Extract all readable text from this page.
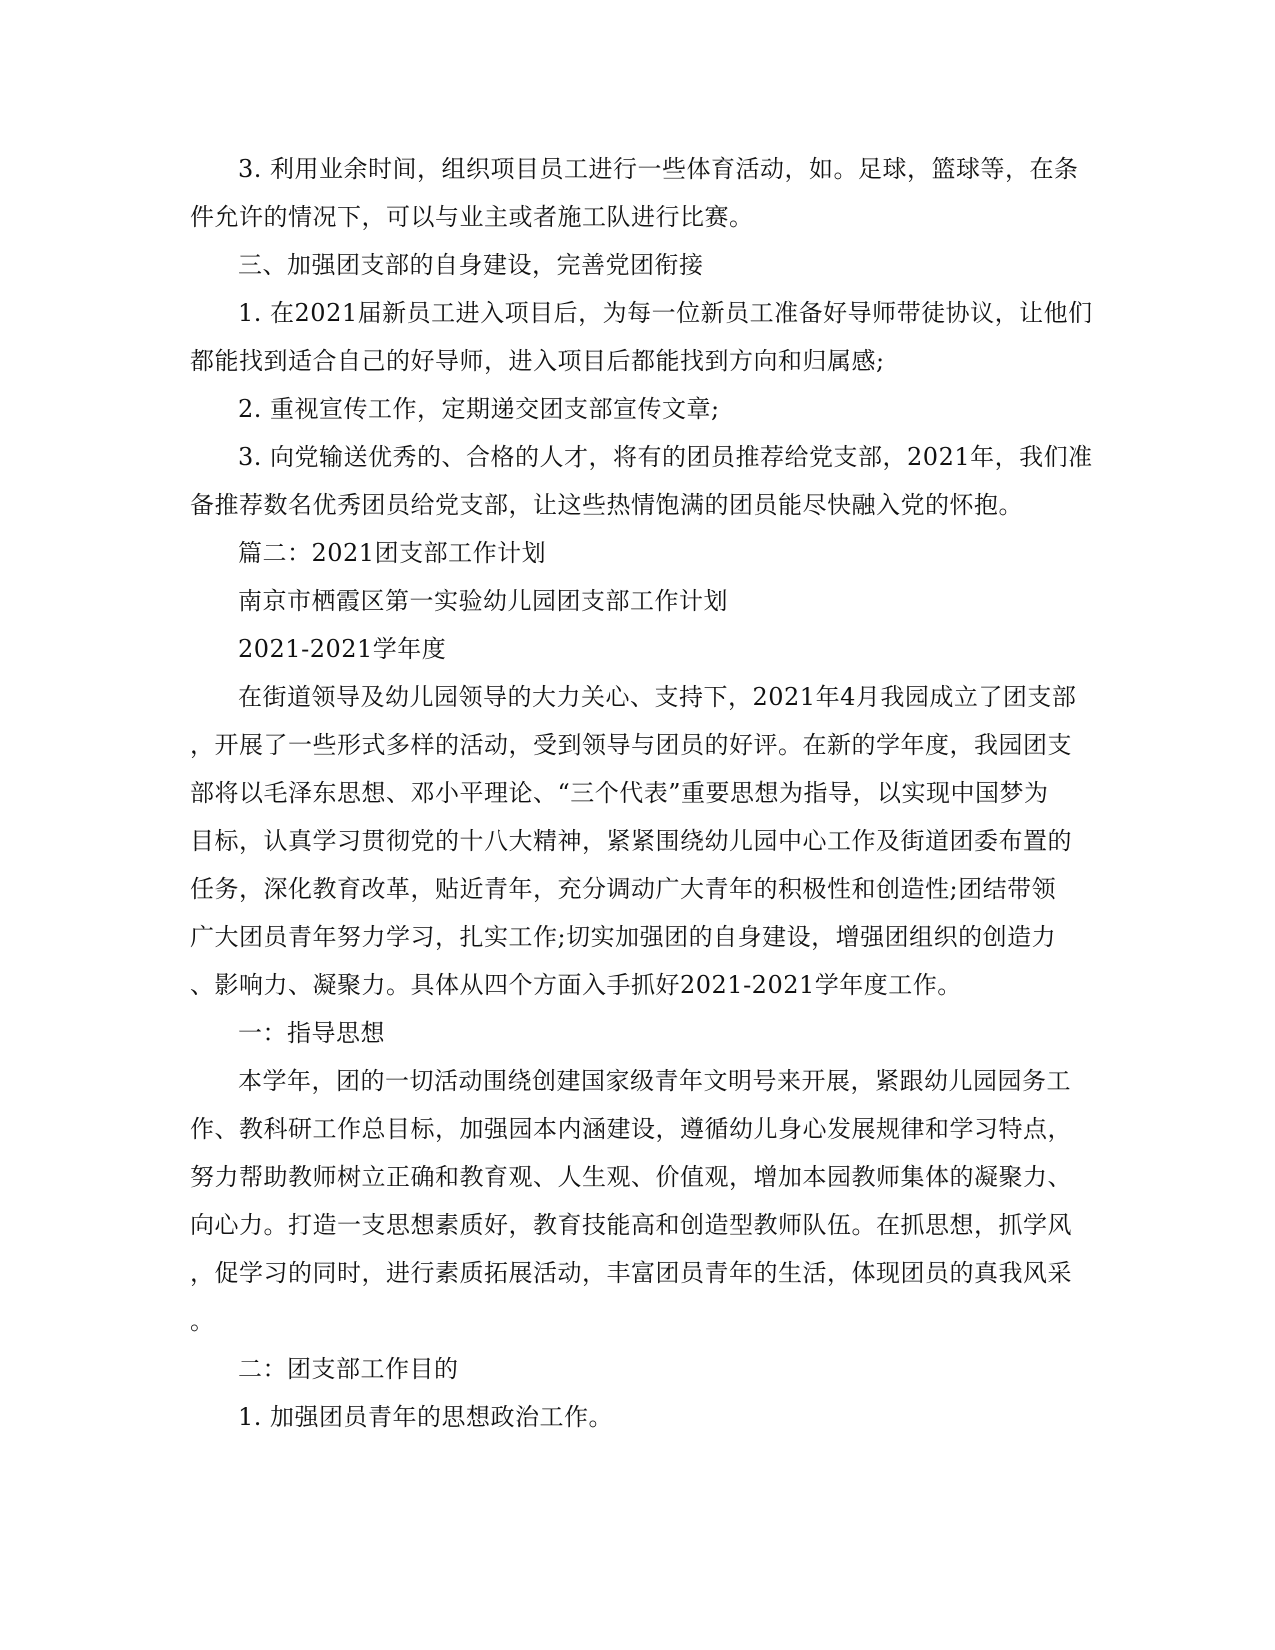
3. 利用业余时间，组织项目员工进行一些体育活动，如。足球，篮球等，在条
件允许的情况下，可以与业主或者施工队进行比赛。
三、加强团支部的自身建设，完善党团衔接
1. 在2021届新员工进入项目后，为每一位新员工准备好导师带徒协议，让他们
都能找到适合自己的好导师，进入项目后都能找到方向和归属感;
2. 重视宣传工作，定期递交团支部宣传文章;
3. 向党输送优秀的、合格的人才，将有的团员推荐给党支部，2021年，我们准
备推荐数名优秀团员给党支部，让这些热情饱满的团员能尽快融入党的怀抱。
篇二：2021团支部工作计划
南京市栖霞区第一实验幼儿园团支部工作计划
2021-2021学年度
在街道领导及幼儿园领导的大力关心、支持下，2021年4月我园成立了团支部
，开展了一些形式多样的活动，受到领导与团员的好评。在新的学年度，我园团支
部将以毛泽东思想、邓小平理论、“三个代表”重要思想为指导，以实现中国梦为
目标，认真学习贯彻党的十八大精神，紧紧围绕幼儿园中心工作及街道团委布置的
任务，深化教育改革，贴近青年，充分调动广大青年的积极性和创造性;团结带领
广大团员青年努力学习，扎实工作;切实加强团的自身建设，增强团组织的创造力
、影响力、凝聚力。具体从四个方面入手抓好2021-2021学年度工作。
一：指导思想
本学年，团的一切活动围绕创建国家级青年文明号来开展，紧跟幼儿园园务工
作、教科研工作总目标，加强园本内涵建设，遵循幼儿身心发展规律和学习特点，
努力帮助教师树立正确和教育观、人生观、价值观，增加本园教师集体的凝聚力、
向心力。打造一支思想素质好，教育技能高和创造型教师队伍。在抓思想，抓学风
，促学习的同时，进行素质拓展活动，丰富团员青年的生活，体现团员的真我风采
。
二：团支部工作目的
1. 加强团员青年的思想政治工作。
